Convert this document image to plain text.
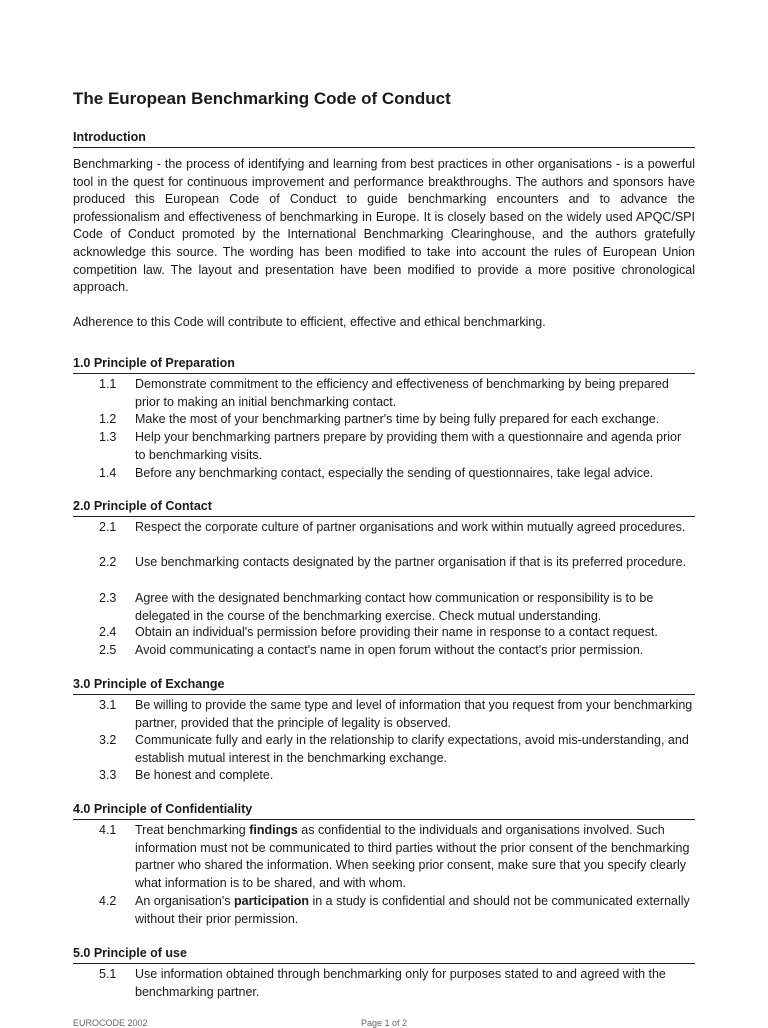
The European Benchmarking Code of Conduct
Introduction

Benchmarking - the process of identifying and learning from best practices in other organisations - is a powerful tool in the quest for continuous improvement and performance breakthroughs. The authors and sponsors have produced this European Code of Conduct to guide benchmarking encounters and to advance the professionalism and effectiveness of benchmarking in Europe. It is closely based on the widely used APQC/SPI Code of Conduct promoted by the International Benchmarking Clearinghouse, and the authors gratefully acknowledge this source. The wording has been modified to take into account the rules of European Union competition law. The layout and presentation have been modified to provide a more positive chronological approach.

Adherence to this Code will contribute to efficient, effective and ethical benchmarking.

1.0 Principle of Preparation
1.1	Demonstrate commitment to the efficiency and effectiveness of benchmarking by being prepared prior to making an initial benchmarking contact.
1.2	Make the most of your benchmarking partner's time by being fully prepared for each exchange.
1.3	Help your benchmarking partners prepare by providing them with a questionnaire and agenda prior to benchmarking visits.
1.4	Before any benchmarking contact, especially the sending of questionnaires, take legal advice.
2.0 Principle of Contact
2.1	Respect the corporate culture of partner organisations and work within mutually agreed procedures.
2.2	Use benchmarking contacts designated by the partner organisation if that is its preferred procedure.
2.3	Agree with the designated benchmarking contact how communication or responsibility is to be delegated in the course of the benchmarking exercise. Check mutual understanding.
2.4	Obtain an individual's permission before providing their name in response to a contact request.
2.5	Avoid communicating a contact's name in open forum without the contact's prior permission.
3.0 Principle of Exchange
3.1	Be willing to provide the same type and level of information that you request from your benchmarking partner, provided that the principle of legality is observed.
3.2	Communicate fully and early in the relationship to clarify expectations, avoid mis-understanding, and establish mutual interest in the benchmarking exchange.
3.3	Be honest and complete.
4.0 Principle of Confidentiality
4.1	Treat benchmarking findings as confidential to the individuals and organisations involved. Such information must not be communicated to third parties without the prior consent of the benchmarking partner who shared the information. When seeking prior consent, make sure that you specify clearly what information is to be shared, and with whom.
4.2	An organisation's participation in a study is confidential and should not be communicated externally without their prior permission.
5.0 Principle of use
5.1	Use information obtained through benchmarking only for purposes stated to and agreed with the benchmarking partner.
EUROCODE 2002	Page 1 of 2
